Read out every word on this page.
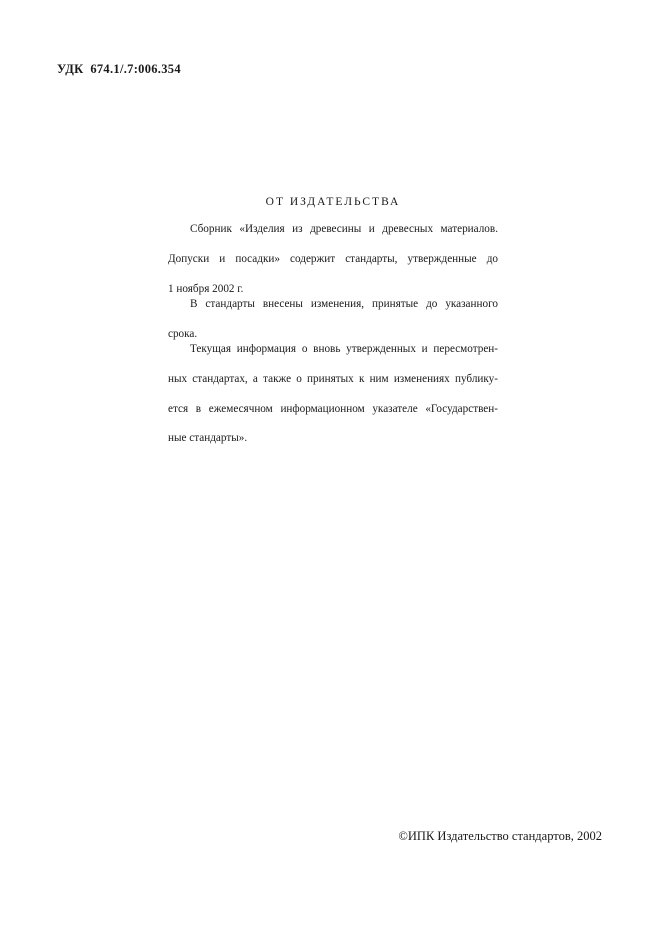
УДК  674.1/.7:006.354
ОТ ИЗДАТЕЛЬСТВА

Сборник «Изделия из древесины и древесных материалов.
Допуски и посадки» содержит стандарты, утвержденные до
1 ноября 2002 г.

В стандарты внесены изменения, принятые до указанного
срока.

Текущая информация о вновь утвержденных и пересмотрен-
ных стандартах, а также о принятых к ним изменениях публику-
ется в ежемесячном информационном указателе «Государствен-
ные стандарты».

©ИПК Издательство стандартов, 2002
